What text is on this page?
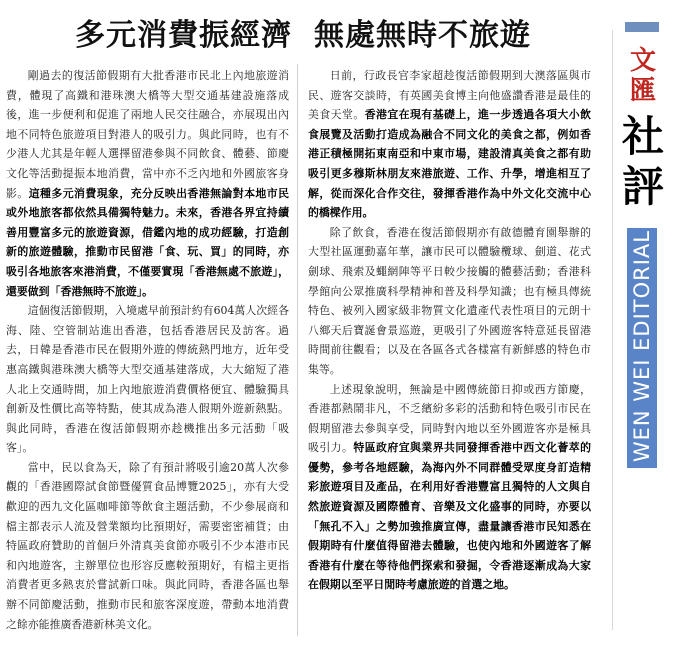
多元消費振經濟 無處無時不旅遊

剛過去的復活節假期有大批香港市民北上內地旅遊消費，體現了高鐵和港珠澳大橋等大型交通基建設施落成後，進一步便利和促進了兩地人民交往融合，亦展現出內地不同特色旅遊項目對港人的吸引力。與此同時，也有不少港人尤其是年輕人選擇留港參與不同飲食、體藝、節慶文化等活動提振本地消費，當中亦不乏內地和外國旅客身影。這種多元消費現象，充分反映出香港無論對本地市民或外地旅客都依然具備獨特魅力。未來，香港各界宜持續善用豐富多元的旅遊資源，借鑑內地的成功經驗，打造創新的旅遊體驗，推動市民留港「食、玩、買」的同時，亦吸引各地旅客來港消費，不僅要實現「香港無處不旅遊」，還要做到「香港無時不旅遊」。

這個復活節假期，入境處早前預計約有604萬人次經各海、陸、空管制站進出香港，包括香港居民及訪客。過去，日韓是香港市民在假期外遊的傳統熱門地方，近年受惠高鐵與港珠澳大橋等大型交通基建落成，大大縮短了港人北上交通時間，加上內地旅遊消費價格便宜、體驗獨具創新及性價比高等特點，使其成為港人假期外遊新熱點。與此同時，香港在復活節假期亦趁機推出多元活動「吸客」。

當中，民以食為天，除了有預計將吸引逾20萬人次參觀的「香港國際試食節暨優質食品博覽2025」，亦有大受歡迎的西九文化區咖啡節等飲食主題活動，不少參展商和檔主都表示人流及營業額均比預期好，需要密密補貨；由特區政府贊助的首個戶外清真美食節亦吸引不少本港市民和內地遊客，主辦單位也形容反應較預期好，有檔主更指消費者更多熱衷於嘗試新口味。與此同時，香港各區也舉辦不同節慶活動，推動市民和旅客深度遊，帶動本地消費之餘亦能推廣香港新林美文化。

日前，行政長官李家超趁復活節假期到大澳落區與市民、遊客交談時，有英國美食博主向他盛讚香港是最佳的美食天堂。香港宜在現有基礎上，進一步透過各項大小飲食展覽及活動打造成為融合不同文化的美食之都，例如香港正積極開拓東南亞和中東市場，建設清真美食之都有助吸引更多穆斯林朋友來港旅遊、工作、升學，增進相互了解，從而深化合作交往，發揮香港作為中外文化交流中心的橋樑作用。

除了飲食，香港在復活節假期亦有啟德體育園舉辦的大型社區運動嘉年華，讓市民可以體驗欖球、劍道、花式劍球、飛索及蠅網陣等平日較少接觸的體藝活動；香港科學館向公眾推廣科學精神和普及科學知識；也有極具傳統特色、被列入國家級非物質文化遺產代表性項目的元朗十八鄉天后寶誕會景巡遊，更吸引了外國遊客特意延長留港時間前往觀看；以及在各區各式各樣富有新鮮感的特色市集等。

上述現象說明，無論是中國傳統節日抑或西方節慶，香港都熱鬧非凡，不乏繽紛多彩的活動和特色吸引市民在假期留港去參與享受，同時對內地以至外國遊客亦是極具吸引力。特區政府宜與業界共同發揮香港中西文化薈萃的優勢，參考各地經驗，為海內外不同群體受眾度身訂造精彩旅遊項目及產品，在利用好香港豐富且獨特的人文與自然旅遊資源及國際體育、音樂及文化盛事的同時，亦要以「無孔不入」之勢加強推廣宣傳，盡量讓香港市民知悉在假期時有什麼值得留港去體驗，也使內地和外國遊客了解香港有什麼在等待他們探索和發掘，令香港逐漸成為大家在假期以至平日閒時考慮旅遊的首選之地。

文匯
社評
WEN WEI EDITORIAL
